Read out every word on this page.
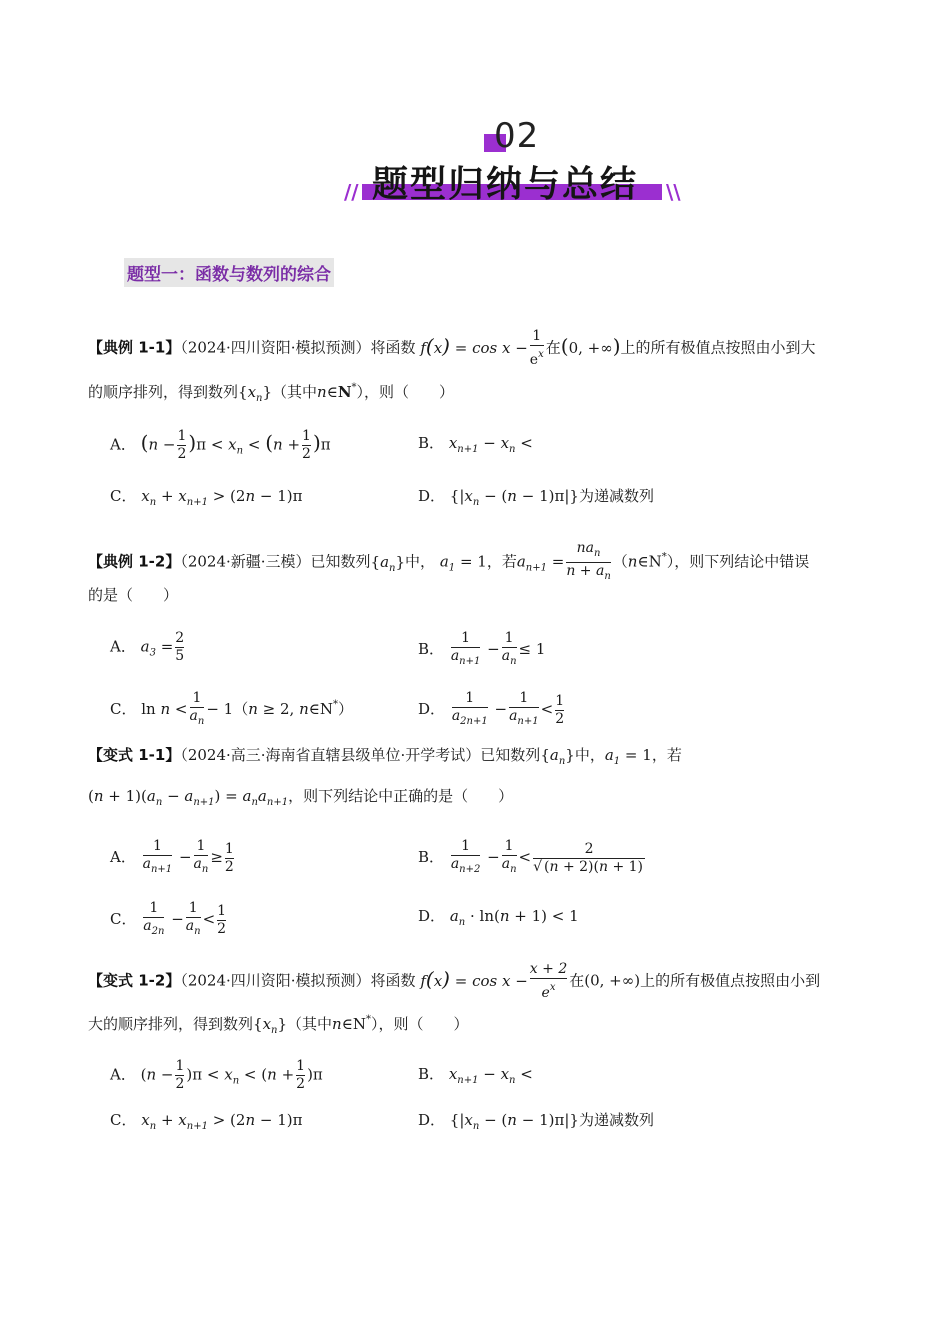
02
题型归纳与总结
//	\\
题型一：函数与数列的综合
【典例 1-1】（2024·四川资阳·模拟预测）将函数 $f(x) = \cos x - \frac{1}{e^x}$ 在(0, +∞)上的所有极值点按照由小到大
的顺序排列，得到数列$\{x_n\}$（其中n∈N*），则（　　）
A． $(n - \frac{1}{2} )\pi < x_n < (n + \frac{1}{2} )\pi$	B． $x_{n+1} - x_n$ <
C． $x_n + x_{n+1} > (2n - 1)\pi$	D． $\{|x_n - (n - 1)\pi|\}$为递减数列
【典例 1-2】（2024·新疆·三模）已知数列$\{a_n\}$中， $a_1 = 1$，若$a_{n+1} = \frac{na_n}{n + a_n}$ （n∈N*），则下列结论中错误
的是（　　）
A． $a_3 = \frac{2}{5}$	B． $\frac{1}{a_{n+1}} - \frac{1}{a_n} \le 1$
C． $\ln n < \frac{1}{a_n} - 1(n \ge 2$, n∈N*）	D． $\frac{1}{a_{2n+1}} - \frac{1}{a_{n+1}} < \frac{1}{2}$
【变式 1-1】（2024·高三·海南省直辖县级单位·开学考试）已知数列$\{a_n\}$中，$a_1 = 1$，若
$(n + 1)(a_n - a_{n+1}) = a_na_{n+1}$，则下列结论中正确的是（　　）
A． $\frac{1}{a_{n+1}} - \frac{1}{a_n} \ge \frac{1}{2}$	B． $\frac{1}{a_{n+2}} - \frac{1}{a_n} < \frac{2}{√ (n + 2)(n + 1)}$
C． $\frac{1}{a_{2n}} - \frac{1}{a_n} < \frac{1}{2}$	D． $a_n \cdot \ln(n + 1) < 1$
【变式 1-2】（2024·四川资阳·模拟预测）将函数 $f(x) = \cos x - \frac{x + 2}{e^x}$ 在(0, +∞)上的所有极值点按照由小到
大的顺序排列，得到数列$\{x_n\}$（其中n∈N*），则（　　）
A． $(n - \frac{1}{2} )\pi < x_n < (n + \frac{1}{2} )\pi$	B． $x_{n+1} - x_n$ <
C． $x_n + x_{n+1} > (2n - 1)\pi$	D． $\{|x_n - (n - 1)\pi|\}$为递减数列
